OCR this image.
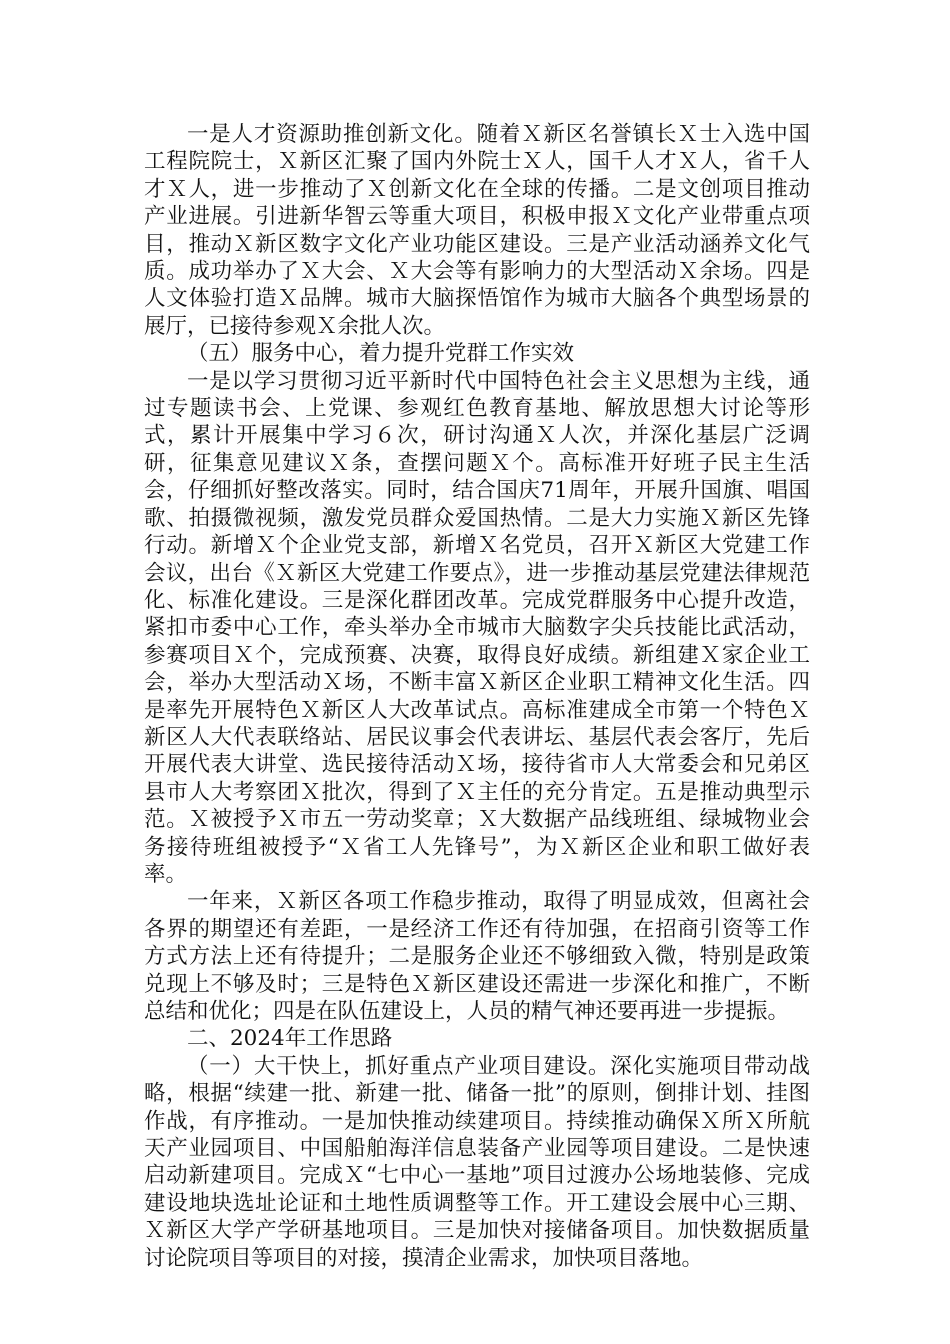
一是人才资源助推创新文化。随着Ｘ新区名誉镇长Ｘ士入选中国工程院院士，Ｘ新区汇聚了国内外院士Ｘ人，国千人才Ｘ人，省千人才Ｘ人，进一步推动了Ｘ创新文化在全球的传播。二是文创项目推动产业进展。引进新华智云等重大项目，积极申报Ｘ文化产业带重点项目，推动Ｘ新区数字文化产业功能区建设。三是产业活动涵养文化气质。成功举办了Ｘ大会、Ｘ大会等有影响力的大型活动Ｘ余场。四是人文体验打造Ｘ品牌。城市大脑探悟馆作为城市大脑各个典型场景的展厅，已接待参观Ｘ余批人次。

（五）服务中心，着力提升党群工作实效

一是以学习贯彻习近平新时代中国特色社会主义思想为主线，通过专题读书会、上党课、参观红色教育基地、解放思想大讨论等形式，累计开展集中学习６次，研讨沟通Ｘ人次，并深化基层广泛调研，征集意见建议Ｘ条，查摆问题Ｘ个。高标准开好班子民主生活会，仔细抓好整改落实。同时，结合国庆71周年，开展升国旗、唱国歌、拍摄微视频，激发党员群众爱国热情。二是大力实施Ｘ新区先锋行动。新增Ｘ个企业党支部，新增Ｘ名党员，召开Ｘ新区大党建工作会议，出台《Ｘ新区大党建工作要点》，进一步推动基层党建法律规范化、标准化建设。三是深化群团改革。完成党群服务中心提升改造，紧扣市委中心工作，牵头举办全市城市大脑数字尖兵技能比武活动，参赛项目Ｘ个，完成预赛、决赛，取得良好成绩。新组建Ｘ家企业工会，举办大型活动Ｘ场，不断丰富Ｘ新区企业职工精神文化生活。四是率先开展特色Ｘ新区人大改革试点。高标准建成全市第一个特色Ｘ新区人大代表联络站、居民议事会代表讲坛、基层代表会客厅，先后开展代表大讲堂、选民接待活动Ｘ场，接待省市人大常委会和兄弟区县市人大考察团Ｘ批次，得到了Ｘ主任的充分肯定。五是推动典型示范。Ｘ被授予Ｘ市五一劳动奖章；Ｘ大数据产品线班组、绿城物业会务接待班组被授予“Ｘ省工人先锋号”，为Ｘ新区企业和职工做好表率。

一年来，Ｘ新区各项工作稳步推动，取得了明显成效，但离社会各界的期望还有差距，一是经济工作还有待加强，在招商引资等工作方式方法上还有待提升；二是服务企业还不够细致入微，特别是政策兑现上不够及时；三是特色Ｘ新区建设还需进一步深化和推广，不断总结和优化；四是在队伍建设上，人员的精气神还要再进一步提振。

二、2024年工作思路

（一）大干快上，抓好重点产业项目建设。深化实施项目带动战略，根据“续建一批、新建一批、储备一批”的原则，倒排计划、挂图作战，有序推动。一是加快推动续建项目。持续推动确保Ｘ所Ｘ所航天产业园项目、中国船舶海洋信息装备产业园等项目建设。二是快速启动新建项目。完成Ｘ“七中心一基地”项目过渡办公场地装修、完成建设地块选址论证和土地性质调整等工作。开工建设会展中心三期、Ｘ新区大学产学研基地项目。三是加快对接储备项目。加快数据质量讨论院项目等项目的对接，摸清企业需求，加快项目落地。
